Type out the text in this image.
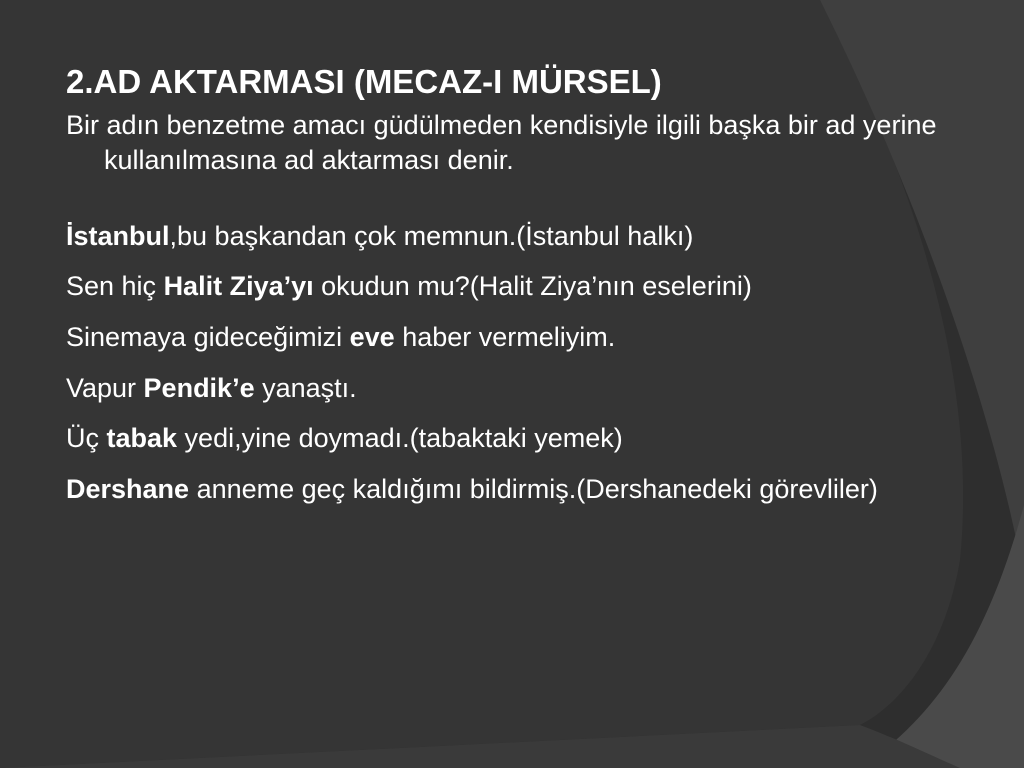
2.AD AKTARMASI (MECAZ-I MÜRSEL)

Bir adın benzetme amacı güdülmeden kendisiyle ilgili başka bir ad yerine kullanılmasına ad aktarması denir.

İstanbul,bu başkandan çok memnun.(İstanbul halkı)

Sen hiç Halit Ziya’yı okudun mu?(Halit Ziya’nın eselerini)

Sinemaya gideceğimizi eve haber vermeliyim.

Vapur Pendik’e yanaştı.

Üç tabak yedi,yine doymadı.(tabaktaki yemek)

Dershane anneme geç kaldığımı bildirmiş.(Dershanedeki görevliler)
